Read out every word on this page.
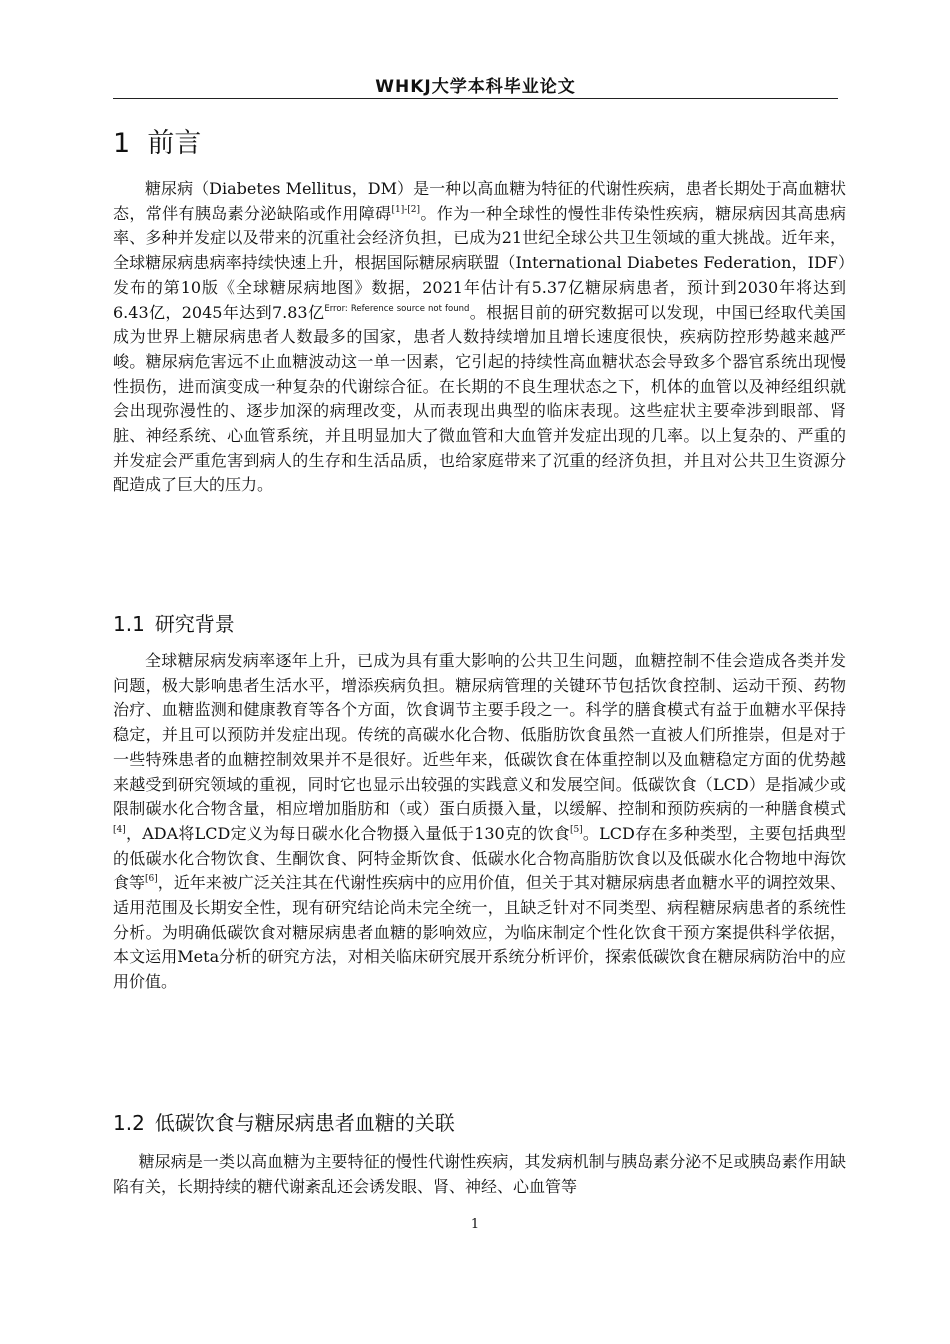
WHKJ大学本科毕业论文
1 前言
糖尿病（Diabetes Mellitus，DM）是一种以高血糖为特征的代谢性疾病，患者长期处于高血糖状态，常伴有胰岛素分泌缺陷或作用障碍[1]-[2]。作为一种全球性的慢性非传染性疾病，糖尿病因其高患病率、多种并发症以及带来的沉重社会经济负担，已成为21世纪全球公共卫生领域的重大挑战。近年来，全球糖尿病患病率持续快速上升，根据国际糖尿病联盟（International Diabetes Federation，IDF）发布的第10版《全球糖尿病地图》数据，2021年估计有5.37亿糖尿病患者，预计到2030年将达到6.43亿，2045年达到7.83亿$^{Error: Reference source not found}$。根据目前的研究数据可以发现，中国已经取代美国成为世界上糖尿病患者人数最多的国家，患者人数持续增加且增长速度很快，疾病防控形势越来越严峻。糖尿病危害远不止血糖波动这一单一因素，它引起的持续性高血糖状态会导致多个器官系统出现慢性损伤，进而演变成一种复杂的代谢综合征。在长期的不良生理状态之下，机体的血管以及神经组织就会出现弥漫性的、逐步加深的病理改变，从而表现出典型的临床表现。这些症状主要牵涉到眼部、肾脏、神经系统、心血管系统，并且明显加大了微血管和大血管并发症出现的几率。以上复杂的、严重的并发症会严重危害到病人的生存和生活品质，也给家庭带来了沉重的经济负担，并且对公共卫生资源分配造成了巨大的压力。
1.1 研究背景
全球糖尿病发病率逐年上升，已成为具有重大影响的公共卫生问题，血糖控制不佳会造成各类并发问题，极大影响患者生活水平，增添疾病负担。糖尿病管理的关键环节包括饮食控制、运动干预、药物治疗、血糖监测和健康教育等各个方面，饮食调节主要手段之一。科学的膳食模式有益于血糖水平保持稳定，并且可以预防并发症出现。传统的高碳水化合物、低脂肪饮食虽然一直被人们所推崇，但是对于一些特殊患者的血糖控制效果并不是很好。近些年来，低碳饮食在体重控制以及血糖稳定方面的优势越来越受到研究领域的重视，同时它也显示出较强的实践意义和发展空间。低碳饮食（LCD）是指减少或限制碳水化合物含量，相应增加脂肪和（或）蛋白质摄入量，以缓解、控制和预防疾病的一种膳食模式[4]，ADA将LCD定义为每日碳水化合物摄入量低于130克的饮食[5]。LCD存在多种类型，主要包括典型的低碳水化合物饮食、生酮饮食、阿特金斯饮食、低碳水化合物高脂肪饮食以及低碳水化合物地中海饮食等[6]，近年来被广泛关注其在代谢性疾病中的应用价值，但关于其对糖尿病患者血糖水平的调控效果、适用范围及长期安全性，现有研究结论尚未完全统一，且缺乏针对不同类型、病程糖尿病患者的系统性分析。为明确低碳饮食对糖尿病患者血糖的影响效应，为临床制定个性化饮食干预方案提供科学依据，本文运用Meta分析的研究方法，对相关临床研究展开系统分析评价，探索低碳饮食在糖尿病防治中的应用价值。
1.2 低碳饮食与糖尿病患者血糖的关联
糖尿病是一类以高血糖为主要特征的慢性代谢性疾病，其发病机制与胰岛素分泌不足或胰岛素作用缺陷有关，长期持续的糖代谢紊乱还会诱发眼、肾、神经、心血管等
1
